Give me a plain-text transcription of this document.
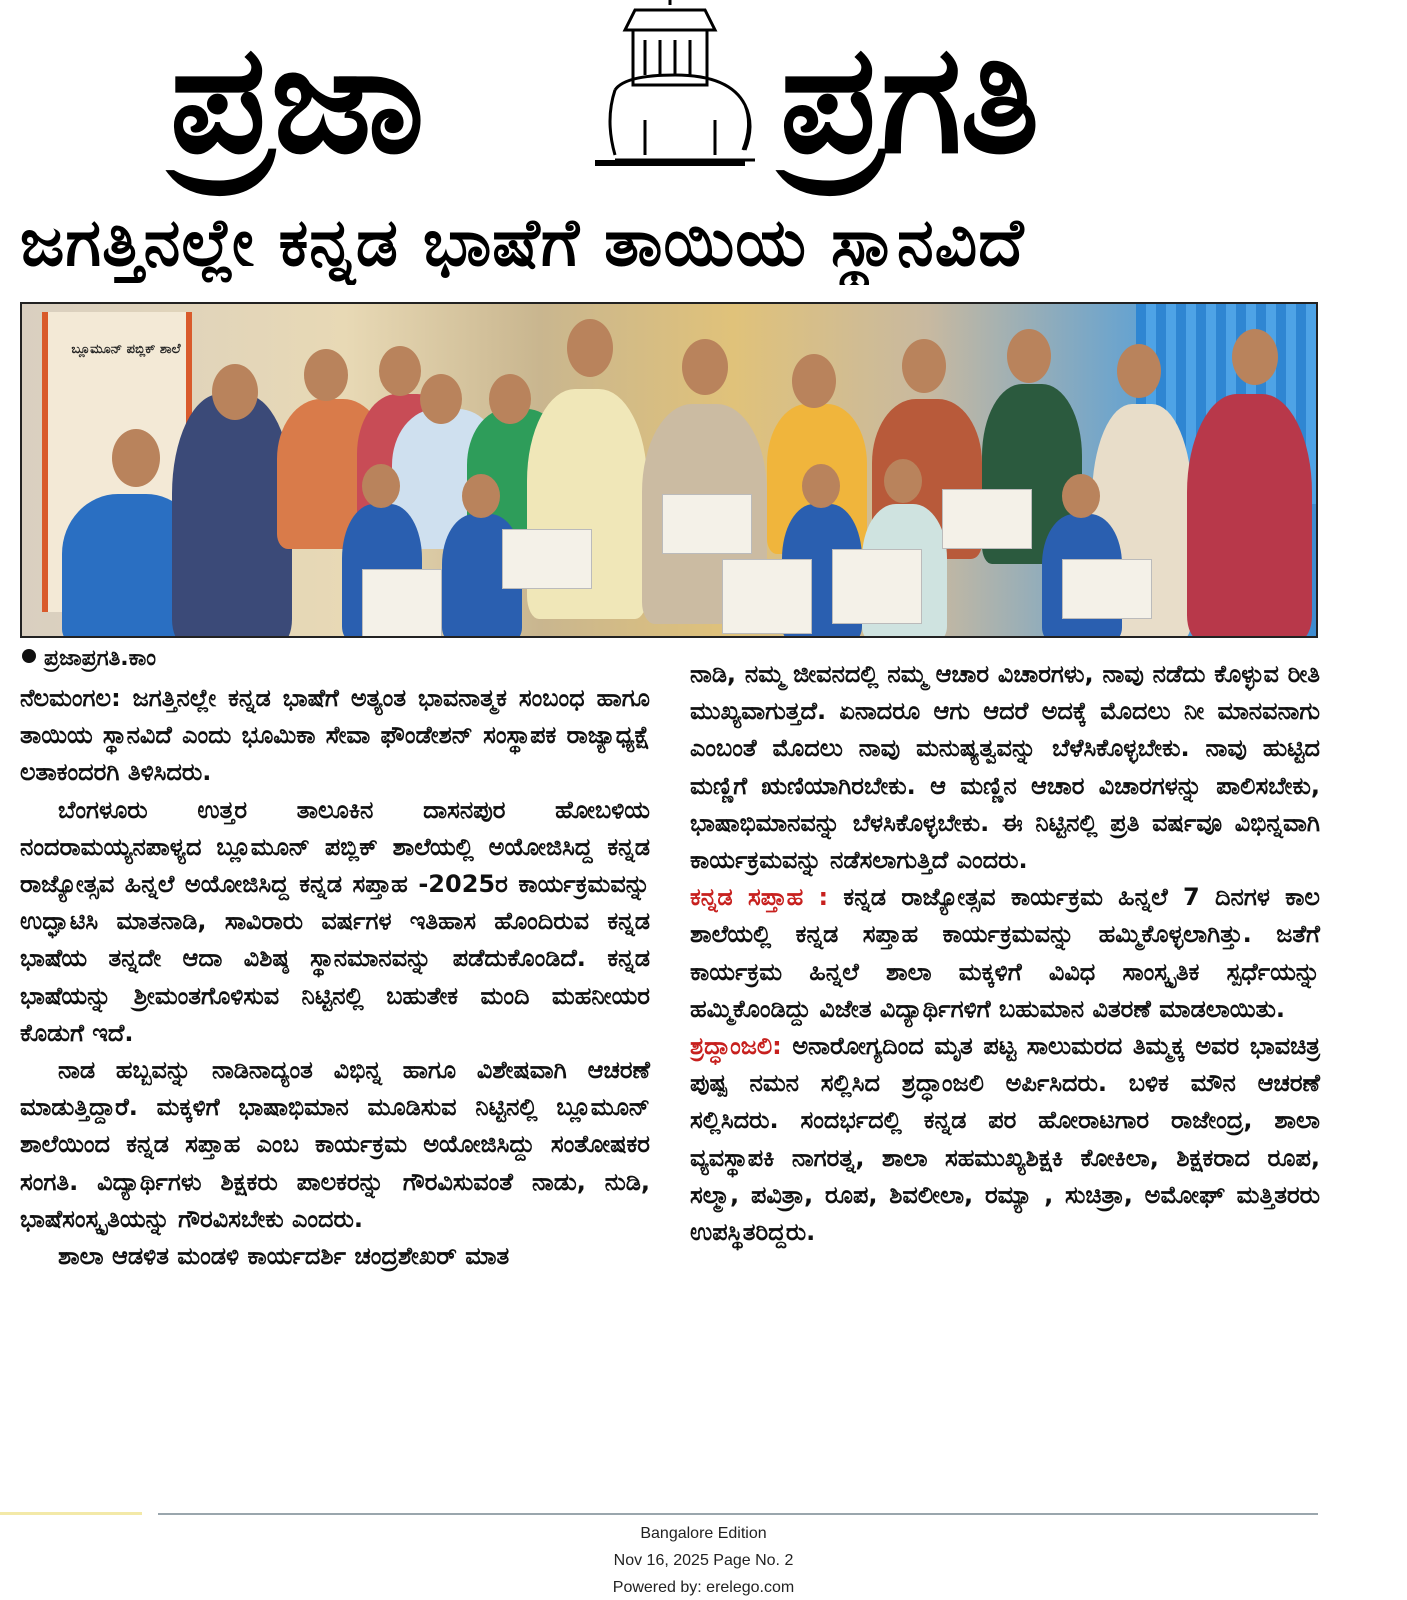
ಪ್ರಜಾ ಪ್ರಗತಿ
ಜಗತ್ತಿನಲ್ಲೇ ಕನ್ನಡ ಭಾಷೆಗೆ ತಾಯಿಯ ಸ್ಥಾನವಿದೆ
ಬ್ಲೂಮೂನ್ ಪಬ್ಲಿಕ್ ಶಾಲೆ
ಪ್ರಜಾಪ್ರಗತಿ.ಕಾಂ

ನೆಲಮಂಗಲ: ಜಗತ್ತಿನಲ್ಲೇ ಕನ್ನಡ ಭಾಷೆಗೆ ಅತ್ಯಂತ ಭಾವನಾತ್ಮಕ ಸಂಬಂಧ ಹಾಗೂ ತಾಯಿಯ ಸ್ಥಾನವಿದೆ ಎಂದು ಭೂಮಿಕಾ ಸೇವಾ ಫೌಂಡೇಶನ್ ಸಂಸ್ಥಾಪಕ ರಾಜ್ಯಾಧ್ಯಕ್ಷೆ ಲತಾಕಂದರಗಿ ತಿಳಿಸಿದರು.

ಬೆಂಗಳೂರು ಉತ್ತರ ತಾಲೂಕಿನ ದಾಸನಪುರ ಹೋಬಳಿಯ ನಂದರಾಮಯ್ಯನಪಾಳ್ಯದ ಬ್ಲೂಮೂನ್ ಪಬ್ಲಿಕ್ ಶಾಲೆಯಲ್ಲಿ ಅಯೋಜಿಸಿದ್ದ ಕನ್ನಡ ರಾಜ್ಯೋತ್ಸವ ಹಿನ್ನಲೆ ಅಯೋಜಿಸಿದ್ದ ಕನ್ನಡ ಸಪ್ತಾಹ -2025ರ ಕಾರ್ಯಕ್ರಮವನ್ನು ಉದ್ಘಾಟಿಸಿ ಮಾತನಾಡಿ, ಸಾವಿರಾರು ವರ್ಷಗಳ ಇತಿಹಾಸ ಹೊಂದಿರುವ ಕನ್ನಡ ಭಾಷೆಯ ತನ್ನದೇ ಆದಾ ವಿಶಿಷ್ಠ ಸ್ಥಾನಮಾನವನ್ನು ಪಡೆದುಕೊಂಡಿದೆ. ಕನ್ನಡ ಭಾಷೆಯನ್ನು ಶ್ರೀಮಂತಗೊಳಿಸುವ ನಿಟ್ಟಿನಲ್ಲಿ ಬಹುತೇಕ ಮಂದಿ ಮಹನೀಯರ ಕೊಡುಗೆ ಇದೆ.

ನಾಡ ಹಬ್ಬವನ್ನು ನಾಡಿನಾದ್ಯಂತ ವಿಭಿನ್ನ ಹಾಗೂ ವಿಶೇಷವಾಗಿ ಆಚರಣೆ ಮಾಡುತ್ತಿದ್ದಾರೆ. ಮಕ್ಕಳಿಗೆ ಭಾಷಾಭಿಮಾನ ಮೂಡಿಸುವ ನಿಟ್ಟಿನಲ್ಲಿ ಬ್ಲೂಮೂನ್ ಶಾಲೆಯಿಂದ ಕನ್ನಡ ಸಪ್ತಾಹ ಎಂಬ ಕಾರ್ಯಕ್ರಮ ಅಯೋಜಿಸಿದ್ದು ಸಂತೋಷಕರ ಸಂಗತಿ. ವಿದ್ಯಾರ್ಥಿಗಳು ಶಿಕ್ಷಕರು ಪಾಲಕರನ್ನು ಗೌರವಿಸುವಂತೆ ನಾಡು, ನುಡಿ, ಭಾಷೆಸಂಸ್ಕೃತಿಯನ್ನು ಗೌರವಿಸಬೇಕು ಎಂದರು.

ಶಾಲಾ ಆಡಳಿತ ಮಂಡಳಿ ಕಾರ್ಯದರ್ಶಿ ಚಂದ್ರಶೇಖರ್ ಮಾತ

ನಾಡಿ, ನಮ್ಮ ಜೀವನದಲ್ಲಿ ನಮ್ಮ ಆಚಾರ ವಿಚಾರಗಳು, ನಾವು ನಡೆದು ಕೊಳ್ಳುವ ರೀತಿ ಮುಖ್ಯವಾಗುತ್ತದೆ. ಏನಾದರೂ ಆಗು ಆದರೆ ಅದಕ್ಕೆ ಮೊದಲು ನೀ ಮಾನವನಾಗು ಎಂಬಂತೆ ಮೊದಲು ನಾವು ಮನುಷ್ಯತ್ವವನ್ನು ಬೆಳೆಸಿಕೊಳ್ಳಬೇಕು. ನಾವು ಹುಟ್ಟಿದ ಮಣ್ಣಿಗೆ ಋಣಿಯಾಗಿರಬೇಕು. ಆ ಮಣ್ಣಿನ ಆಚಾರ ವಿಚಾರಗಳನ್ನು ಪಾಲಿಸಬೇಕು, ಭಾಷಾಭಿಮಾನವನ್ನು ಬೆಳಸಿಕೊಳ್ಳಬೇಕು. ಈ ನಿಟ್ಟಿನಲ್ಲಿ ಪ್ರತಿ ವರ್ಷವೂ ವಿಭಿನ್ನವಾಗಿ ಕಾರ್ಯಕ್ರಮವನ್ನು ನಡೆಸಲಾಗುತ್ತಿದೆ ಎಂದರು.

ಕನ್ನಡ ಸಪ್ತಾಹ : ಕನ್ನಡ ರಾಜ್ಯೋತ್ಸವ ಕಾರ್ಯಕ್ರಮ ಹಿನ್ನಲೆ 7 ದಿನಗಳ ಕಾಲ ಶಾಲೆಯಲ್ಲಿ ಕನ್ನಡ ಸಪ್ತಾಹ ಕಾರ್ಯಕ್ರಮವನ್ನು ಹಮ್ಮಿಕೊಳ್ಳಲಾಗಿತ್ತು. ಜತೆಗೆ ಕಾರ್ಯಕ್ರಮ ಹಿನ್ನಲೆ ಶಾಲಾ ಮಕ್ಕಳಿಗೆ ವಿವಿಧ ಸಾಂಸ್ಕೃತಿಕ ಸ್ಪರ್ಧೆಯನ್ನು ಹಮ್ಮಿಕೊಂಡಿದ್ದು ವಿಜೇತ ವಿದ್ಯಾರ್ಥಿಗಳಿಗೆ ಬಹುಮಾನ ವಿತರಣೆ ಮಾಡಲಾಯಿತು.

ಶ್ರದ್ಧಾಂಜಲಿ: ಅನಾರೋಗ್ಯದಿಂದ ಮೃತ ಪಟ್ಟ ಸಾಲುಮರದ ತಿಮ್ಮಕ್ಕ ಅವರ ಭಾವಚಿತ್ರ ಪುಷ್ಪ ನಮನ ಸಲ್ಲಿಸಿದ ಶ್ರದ್ಧಾಂಜಲಿ ಅರ್ಪಿಸಿದರು. ಬಳಿಕ ಮೌನ ಆಚರಣೆ ಸಲ್ಲಿಸಿದರು. ಸಂದರ್ಭದಲ್ಲಿ ಕನ್ನಡ ಪರ ಹೋರಾಟಗಾರ ರಾಜೇಂದ್ರ, ಶಾಲಾ ವ್ಯವಸ್ಥಾಪಕಿ ನಾಗರತ್ನ, ಶಾಲಾ ಸಹಮುಖ್ಯಶಿಕ್ಷಕಿ ಕೋಕಿಲಾ, ಶಿಕ್ಷಕರಾದ ರೂಪ, ಸಲ್ಮಾ, ಪವಿತ್ರಾ, ರೂಪ, ಶಿವಲೀಲಾ, ರಮ್ಯಾ , ಸುಚಿತ್ರಾ, ಅಮೋಘ್ ಮತ್ತಿತರರು ಉಪಸ್ಥಿತರಿದ್ದರು.

Bangalore Edition
Nov 16, 2025 Page No. 2
Powered by: erelego.com
